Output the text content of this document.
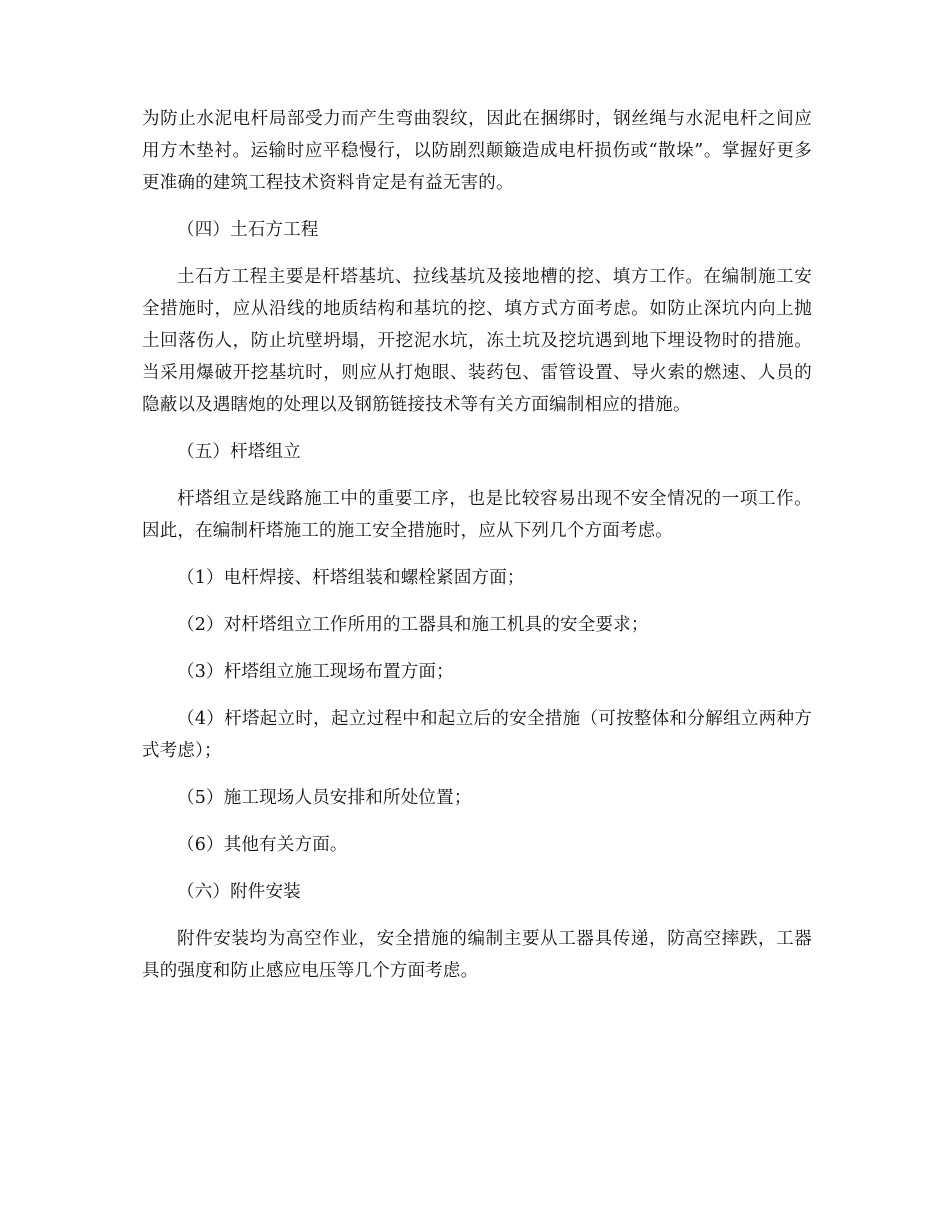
为防止水泥电杆局部受力而产生弯曲裂纹，因此在捆绑时，钢丝绳与水泥电杆之间应用方木垫衬。运输时应平稳慢行，以防剧烈颠簸造成电杆损伤或“散垛”。掌握好更多更准确的建筑工程技术资料肯定是有益无害的。

（四）土石方工程

土石方工程主要是杆塔基坑、拉线基坑及接地槽的挖、填方工作。在编制施工安全措施时，应从沿线的地质结构和基坑的挖、填方式方面考虑。如防止深坑内向上抛土回落伤人，防止坑壁坍塌，开挖泥水坑，冻土坑及挖坑遇到地下埋设物时的措施。当采用爆破开挖基坑时，则应从打炮眼、装药包、雷管设置、导火索的燃速、人员的隐蔽以及遇瞎炮的处理以及钢筋链接技术等有关方面编制相应的措施。

（五）杆塔组立

杆塔组立是线路施工中的重要工序，也是比较容易出现不安全情况的一项工作。因此，在编制杆塔施工的施工安全措施时，应从下列几个方面考虑。

（1）电杆焊接、杆塔组装和螺栓紧固方面；

（2）对杆塔组立工作所用的工器具和施工机具的安全要求；

（3）杆塔组立施工现场布置方面；

（4）杆塔起立时，起立过程中和起立后的安全措施（可按整体和分解组立两种方式考虑）；

（5）施工现场人员安排和所处位置；

（6）其他有关方面。

（六）附件安装

附件安装均为高空作业，安全措施的编制主要从工器具传递，防高空摔跌，工器具的强度和防止感应电压等几个方面考虑。
